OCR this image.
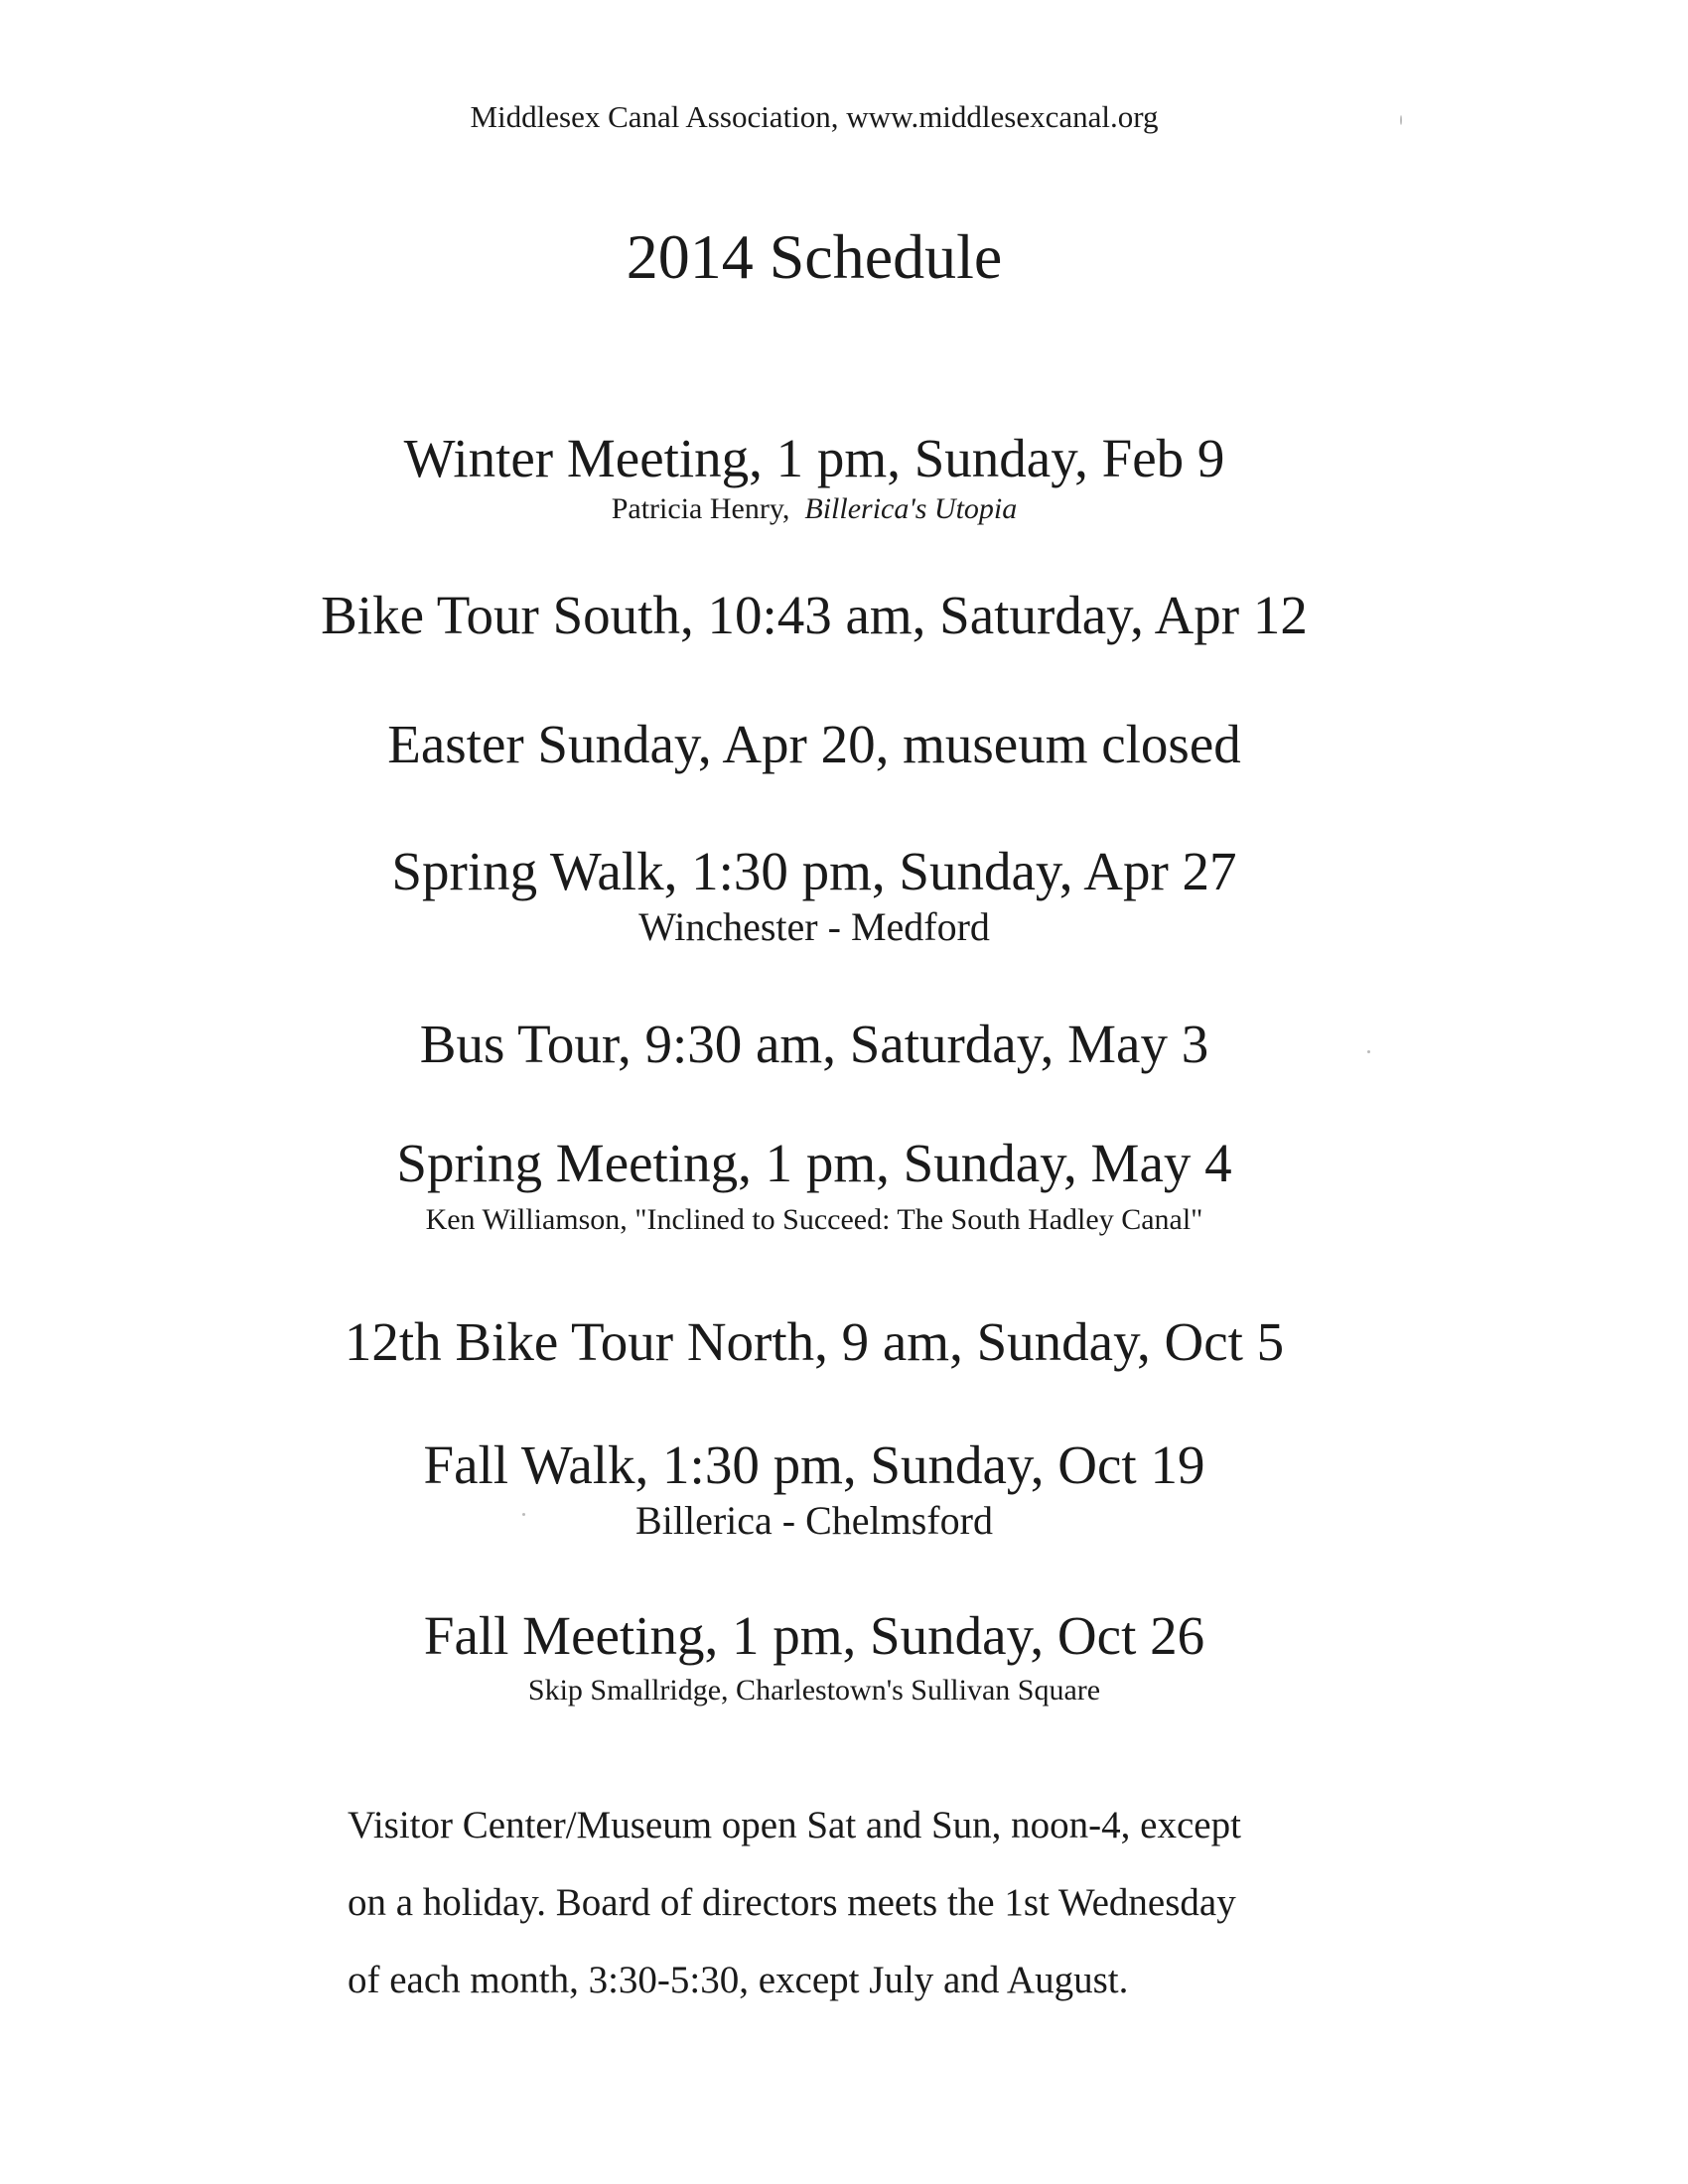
Middlesex Canal Association, www.middlesexcanal.org
2014 Schedule
Winter Meeting, 1 pm, Sunday, Feb 9
Patricia Henry, Billerica's Utopia
Bike Tour South, 10:43 am, Saturday, Apr 12
Easter Sunday, Apr 20, museum closed
Spring Walk, 1:30 pm, Sunday, Apr 27
Winchester - Medford
Bus Tour, 9:30 am, Saturday, May 3
Spring Meeting, 1 pm, Sunday, May 4
Ken Williamson, "Inclined to Succeed: The South Hadley Canal"
12th Bike Tour North, 9 am, Sunday, Oct 5
Fall Walk, 1:30 pm, Sunday, Oct 19
Billerica - Chelmsford
Fall Meeting, 1 pm, Sunday, Oct 26
Skip Smallridge, Charlestown's Sullivan Square

Visitor Center/Museum open Sat and Sun, noon-4, except

on a holiday. Board of directors meets the 1st Wednesday

of each month, 3:30-5:30, except July and August.
